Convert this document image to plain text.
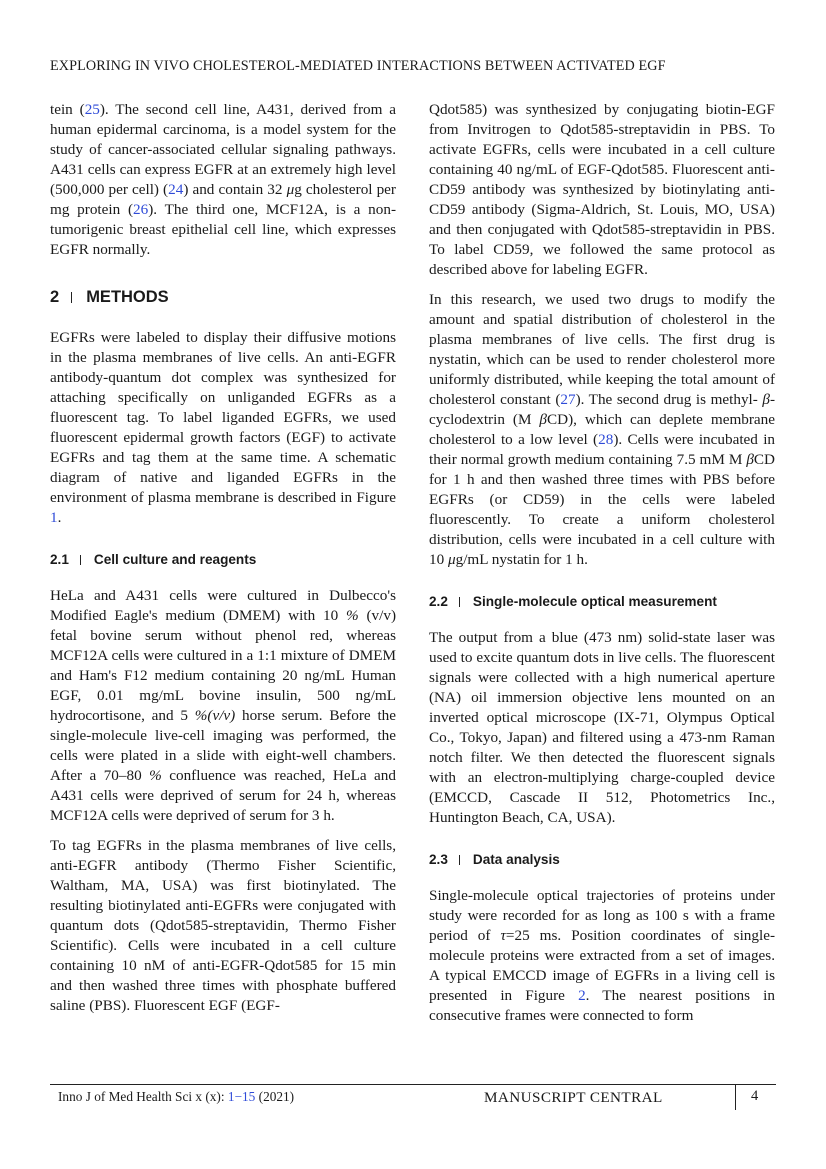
EXPLORING IN VIVO CHOLESTEROL-MEDIATED INTERACTIONS BETWEEN ACTIVATED EGF

tein (25). The second cell line, A431, derived from a human epidermal carcinoma, is a model system for the study of cancer-associated cellular signaling pathways. A431 cells can express EGFR at an extremely high level (500,000 per cell) (24) and contain 32 μg cholesterol per mg protein (26). The third one, MCF12A, is a non-tumorigenic breast epithelial cell line, which expresses EGFR normally.

2 METHODS

EGFRs were labeled to display their diffusive motions in the plasma membranes of live cells. An anti-EGFR antibody-quantum dot complex was synthesized for attaching specifically on unliganded EGFRs as a fluorescent tag. To label liganded EGFRs, we used fluorescent epidermal growth factors (EGF) to activate EGFRs and tag them at the same time. A schematic diagram of native and liganded EGFRs in the environment of plasma membrane is described in Figure 1.

2.1 Cell culture and reagents

HeLa and A431 cells were cultured in Dulbecco's Modified Eagle's medium (DMEM) with 10 % (v/v) fetal bovine serum without phenol red, whereas MCF12A cells were cultured in a 1:1 mixture of DMEM and Ham's F12 medium containing 20 ng/mL Human EGF, 0.01 mg/mL bovine insulin, 500 ng/mL hydrocortisone, and 5 %(v/v) horse serum. Before the single-molecule live-cell imaging was performed, the cells were plated in a slide with eight-well chambers. After a 70–80 % confluence was reached, HeLa and A431 cells were deprived of serum for 24 h, whereas MCF12A cells were deprived of serum for 3 h.

To tag EGFRs in the plasma membranes of live cells, anti-EGFR antibody (Thermo Fisher Scientific, Waltham, MA, USA) was first biotinylated. The resulting biotinylated anti-EGFRs were conjugated with quantum dots (Qdot585-streptavidin, Thermo Fisher Scientific). Cells were incubated in a cell culture containing 10 nM of anti-EGFR-Qdot585 for 15 min and then washed three times with phosphate buffered saline (PBS). Fluorescent EGF (EGF-

Qdot585) was synthesized by conjugating biotin-EGF from Invitrogen to Qdot585-streptavidin in PBS. To activate EGFRs, cells were incubated in a cell culture containing 40 ng/mL of EGF-Qdot585. Fluorescent anti-CD59 antibody was synthesized by biotinylating anti-CD59 antibody (Sigma-Aldrich, St. Louis, MO, USA) and then conjugated with Qdot585-streptavidin in PBS. To label CD59, we followed the same protocol as described above for labeling EGFR.

In this research, we used two drugs to modify the amount and spatial distribution of cholesterol in the plasma membranes of live cells. The first drug is nystatin, which can be used to render cholesterol more uniformly distributed, while keeping the total amount of cholesterol constant (27). The second drug is methyl- β-cyclodextrin (M βCD), which can deplete membrane cholesterol to a low level (28). Cells were incubated in their normal growth medium containing 7.5 mM M βCD for 1 h and then washed three times with PBS before EGFRs (or CD59) in the cells were labeled fluorescently. To create a uniform cholesterol distribution, cells were incubated in a cell culture with 10 μg/mL nystatin for 1 h.

2.2 Single-molecule optical measurement

The output from a blue (473 nm) solid-state laser was used to excite quantum dots in live cells. The fluorescent signals were collected with a high numerical aperture (NA) oil immersion objective lens mounted on an inverted optical microscope (IX-71, Olympus Optical Co., Tokyo, Japan) and filtered using a 473-nm Raman notch filter. We then detected the fluorescent signals with an electron-multiplying charge-coupled device (EMCCD, Cascade II 512, Photometrics Inc., Huntington Beach, CA, USA).

2.3 Data analysis

Single-molecule optical trajectories of proteins under study were recorded for as long as 100 s with a frame period of τ=25 ms. Position coordinates of single-molecule proteins were extracted from a set of images. A typical EMCCD image of EGFRs in a living cell is presented in Figure 2. The nearest positions in consecutive frames were connected to form

Inno J of Med Health Sci x (x): 1−15 (2021)	MANUSCRIPT CENTRAL	4
